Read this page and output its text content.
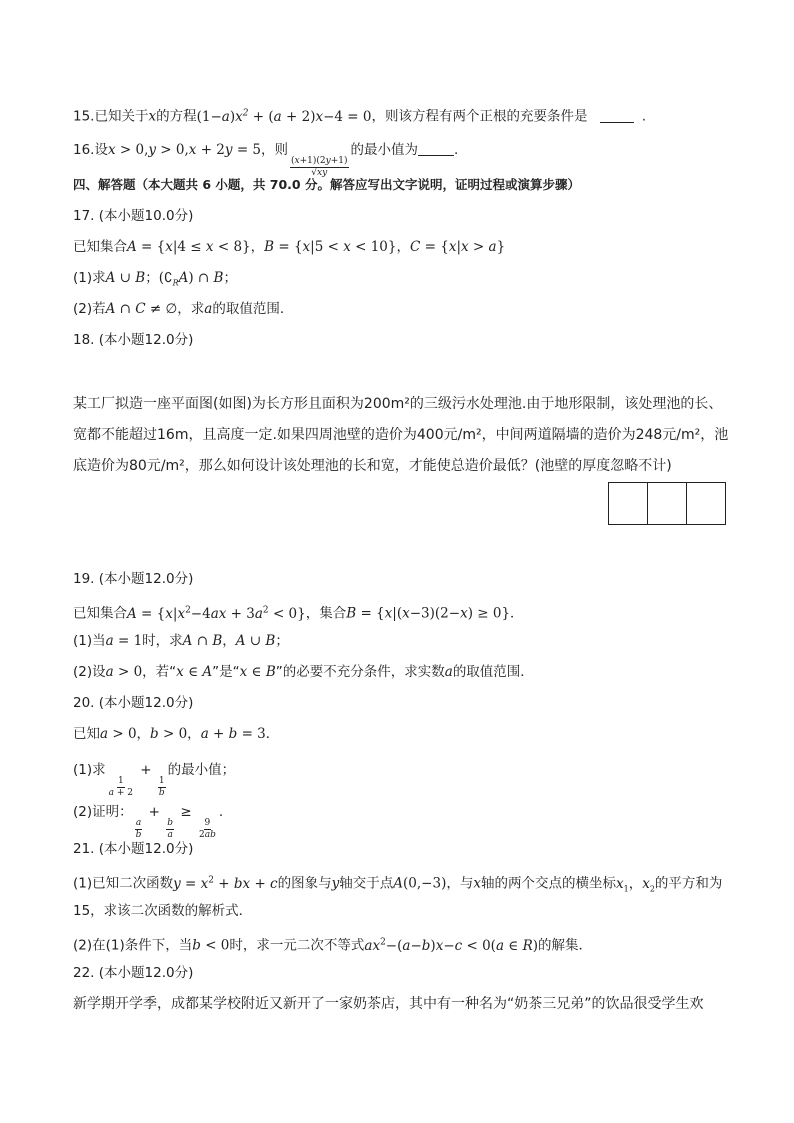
15.已知关于x的方程$(1-a)x^2 + (a + 2)x-4 = 0$，则该方程有两个正根的充要条件是	.
16.设x > 0,y > 0,x + 2y = 5，则
$\frac{(x+1)(2y+1)}{√xy}$
的最小值为	.
四、解答题（本大题共 6 小题，共 70.0 分。解答应写出文字说明，证明过程或演算步骤）
17. (本小题10.0分)
已知集合A = {x|4 ≤ x < 8}，B = {x|5 < x < 10}，C = {x|x > a}
(1)求A ∪ B；$(∁_RA)$ ∩ B；
(2)若A ∩ C ≠ ∅，求a的取值范围．
18. (本小题12.0分)
某工厂拟造一座平面图(如图)为长方形且面积为200m²的三级污水处理池.由于地形限制，该处理池的长、
宽都不能超过16m，且高度一定.如果四周池壁的造价为400元/m²，中间两道隔墙的造价为248元/m²，池
底造价为80元/m²，那么如何设计该处理池的长和宽，才能使总造价最低？(池壁的厚度忽略不计)
19. (本小题12.0分)
已知集合$A = \{x|x^2-4ax + 3a^2 < 0\}$，集合B = {x|(x−3)(2−x) ≥ 0}．
(1)当a = 1时，求A ∩ B，A ∪ B；
(2)设a > 0，若“x ∈ A”是“x ∈ B”的必要不充分条件，求实数a的取值范围．
20. (本小题12.0分)
已知a > 0，b > 0，a + b = 3．
(1)求
$\frac{1}{a + 2}$
+
$\frac{1}{b}$
的最小值；
(2)证明：
$\frac{a}{b}$
+
$\frac{b}{a}$
≥
$\frac{9}{2ab}$
.
21. (本小题12.0分)
(1)已知二次函数$y = x^2$ + bx + c的图象与y轴交于点A(0,−3)，与x轴的两个交点的横坐标$x_1$，$x_2$的平方和为
15，求该二次函数的解析式．
(2)在(1)条件下，当b < 0时，求一元二次不等式$ax^2-(a-b)x-c < 0(a$ ∈ R)的解集．
22. (本小题12.0分)
新学期开学季，成都某学校附近又新开了一家奶茶店，其中有一种名为“奶茶三兄弟”的饮品很受学生欢
